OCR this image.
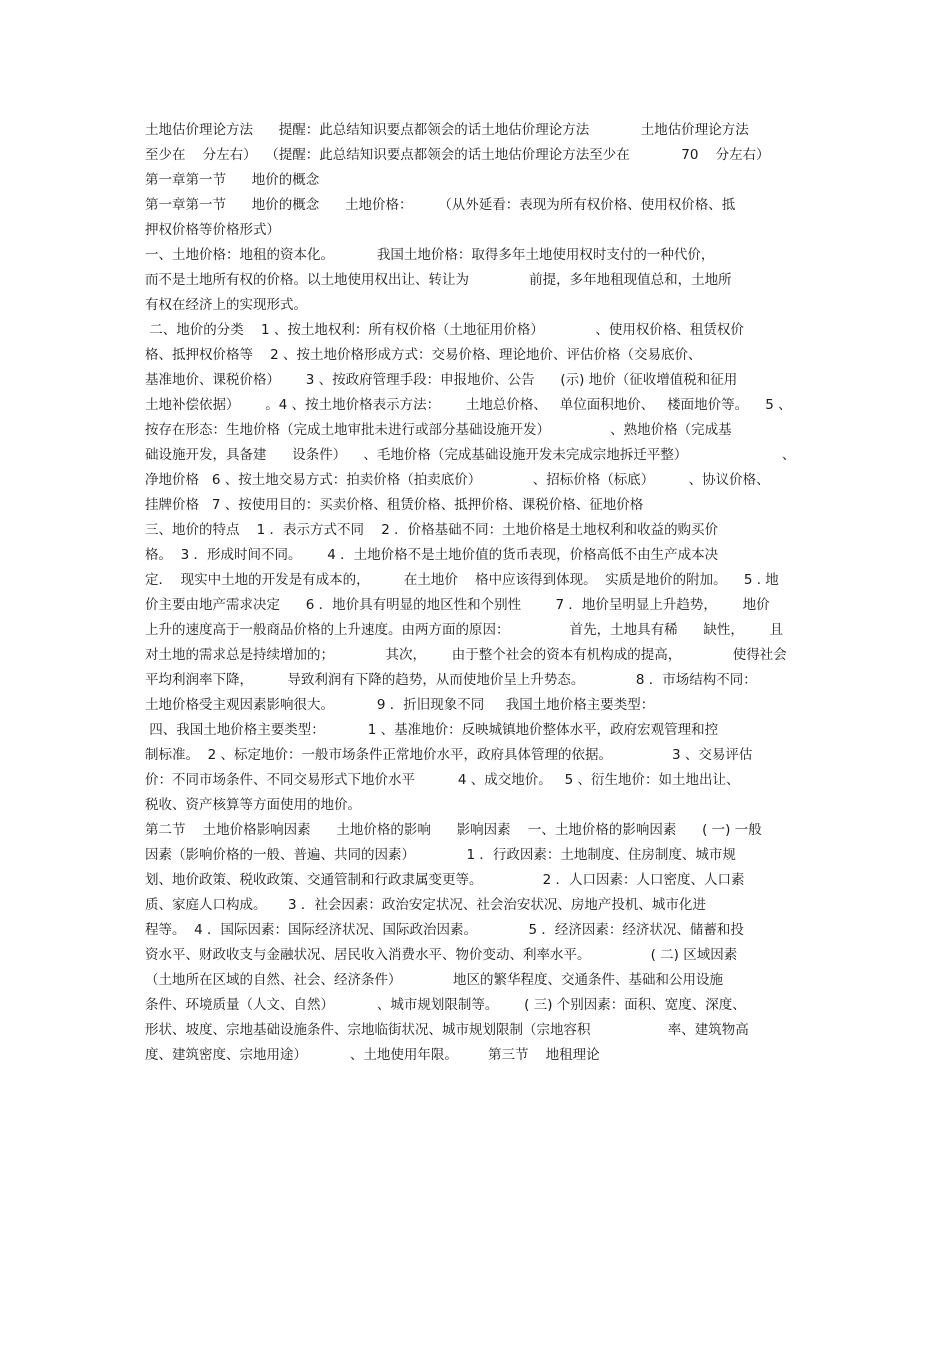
土地估价理论方法      提醒：此总结知识要点都领会的话土地估价理论方法            土地估价理论方法
至少在    分左右）  （提醒：此总结知识要点都领会的话土地估价理论方法至少在            70    分左右）
第一章第一节      地价的概念
第一章第一节      地价的概念      土地价格：      （从外延看：表现为所有权价格、使用权价格、抵
押权价格等价格形式）
一、土地价格：地租的资本化。          我国土地价格：取得多年土地使用权时支付的一种代价，
而不是土地所有权的价格。以土地使用权出让、转让为              前提，多年地租现值总和，土地所
有权在经济上的实现形式。
二、地价的分类    1 、按土地权利：所有权价格（土地征用价格）            、使用权价格、租赁权价
格、抵押权价格等    2 、按土地价格形成方式：交易价格、理论地价、评估价格（交易底价、
基准地价、课税价格）      3 、按政府管理手段：申报地价、公告      (示) 地价（征收增值税和征用
土地补偿依据）      。4 、按土地价格表示方法：      土地总价格、   单位面积地价、   楼面地价等。    5 、
按存在形态：生地价格（完成土地审批未进行或部分基础设施开发）              、熟地价格（完成基
础设施开发，具备建      设条件）    、毛地价格（完成基础设施开发未完成宗地拆迁平整）                      、
净地价格   6 、按土地交易方式：拍卖价格（拍卖底价）            、招标价格（标底）        、协议价格、
挂牌价格   7 、按使用目的：买卖价格、租赁价格、抵押价格、课税价格、征地价格
三、地价的特点    1 ．表示方式不同    2 ．价格基础不同：土地价格是土地权利和收益的购买价
格。  3 ．形成时间不同。      4 ．土地价格不是土地价值的货币表现，价格高低不由生产成本决
定．  现实中土地的开发是有成本的，        在土地价    格中应该得到体现。  实质是地价的附加。    5 . 地
价主要由地产需求决定      6 ．地价具有明显的地区性和个别性        7 ．地价呈明显上升趋势，      地价
上升的速度高于一般商品价格的上升速度。由两方面的原因：              首先，土地具有稀      缺性，      且
对土地的需求总是持续增加的；            其次，      由于整个社会的资本有机构成的提高，            使得社会
平均利润率下降，        导致利润有下降的趋势，从而使地价呈上升势态。            8 ．市场结构不同：
土地价格受主观因素影响很大。          9 ．折旧现象不同     我国土地价格主要类型：
四、我国土地价格主要类型：          1 、基准地价：反映城镇地价整体水平，政府宏观管理和控
制标准。  2 、标定地价：一般市场条件正常地价水平，政府具体管理的依据。              3 、交易评估
价：不同市场条件、不同交易形式下地价水平          4 、成交地价。   5 、衍生地价：如土地出让、
税收、资产核算等方面使用的地价。
第二节    土地价格影响因素      土地价格的影响      影响因素    一、土地价格的影响因素      ( 一) 一般
因素（影响价格的一般、普遍、共同的因素）            1 ．行政因素：土地制度、住房制度、城市规
划、地价政策、税收政策、交通管制和行政隶属变更等。              2 ．人口因素：人口密度、人口素
质、家庭人口构成。     3 ．社会因素：政治安定状况、社会治安状况、房地产投机、城市化进
程等。  4 ．国际因素：国际经济状况、国际政治因素。            5 ．经济因素：经济状况、储蓄和投
资水平、财政收支与金融状况、居民收入消费水平、物价变动、利率水平。              ( 二) 区域因素
（土地所在区域的自然、社会、经济条件）            地区的繁华程度、交通条件、基础和公用设施
条件、环境质量（人文、自然）          、城市规划限制等。      ( 三) 个别因素：面积、宽度、深度、
形状、坡度、宗地基础设施条件、宗地临街状况、城市规划限制（宗地容积                  率、建筑物高
度、建筑密度、宗地用途）          、土地使用年限。       第三节    地租理论
